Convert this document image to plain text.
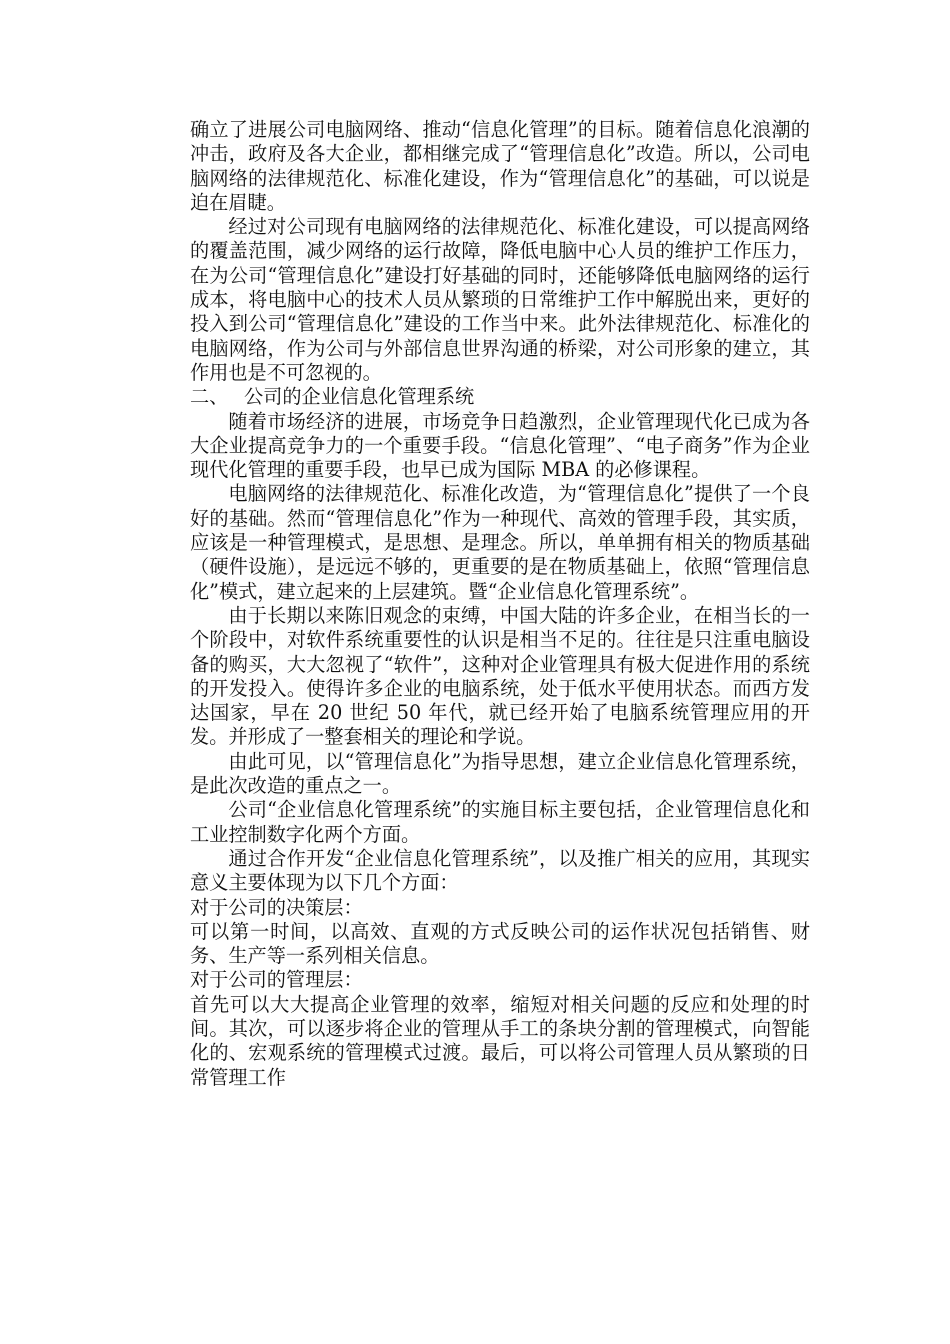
确立了进展公司电脑网络、推动“信息化管理”的目标。随着信息化浪潮的冲击，政府及各大企业，都相继完成了“管理信息化”改造。所以，公司电脑网络的法律规范化、标准化建设，作为“管理信息化”的基础，可以说是迫在眉睫。

经过对公司现有电脑网络的法律规范化、标准化建设，可以提高网络的覆盖范围，减少网络的运行故障，降低电脑中心人员的维护工作压力，在为公司“管理信息化”建设打好基础的同时，还能够降低电脑网络的运行成本，将电脑中心的技术人员从繁琐的日常维护工作中解脱出来，更好的投入到公司“管理信息化”建设的工作当中来。此外法律规范化、标准化的电脑网络，作为公司与外部信息世界沟通的桥梁，对公司形象的建立，其作用也是不可忽视的。

二、 公司的企业信息化管理系统

随着市场经济的进展，市场竞争日趋激烈，企业管理现代化已成为各大企业提高竞争力的一个重要手段。“信息化管理”、“电子商务”作为企业现代化管理的重要手段，也早已成为国际 MBA 的必修课程。

电脑网络的法律规范化、标准化改造，为“管理信息化”提供了一个良好的基础。然而“管理信息化”作为一种现代、高效的管理手段，其实质，应该是一种管理模式，是思想、是理念。所以，单单拥有相关的物质基础（硬件设施），是远远不够的，更重要的是在物质基础上，依照“管理信息化”模式，建立起来的上层建筑。暨“企业信息化管理系统”。

由于长期以来陈旧观念的束缚，中国大陆的许多企业，在相当长的一个阶段中，对软件系统重要性的认识是相当不足的。往往是只注重电脑设备的购买，大大忽视了“软件”，这种对企业管理具有极大促进作用的系统的开发投入。使得许多企业的电脑系统，处于低水平使用状态。而西方发达国家，早在 20 世纪 50 年代，就已经开始了电脑系统管理应用的开发。并形成了一整套相关的理论和学说。

由此可见，以“管理信息化”为指导思想，建立企业信息化管理系统，是此次改造的重点之一。

公司“企业信息化管理系统”的实施目标主要包括，企业管理信息化和工业控制数字化两个方面。

通过合作开发“企业信息化管理系统”，以及推广相关的应用，其现实意义主要体现为以下几个方面：

对于公司的决策层：

可以第一时间，以高效、直观的方式反映公司的运作状况包括销售、财务、生产等一系列相关信息。

对于公司的管理层：

首先可以大大提高企业管理的效率，缩短对相关问题的反应和处理的时间。其次，可以逐步将企业的管理从手工的条块分割的管理模式，向智能化的、宏观系统的管理模式过渡。最后，可以将公司管理人员从繁琐的日常管理工作
